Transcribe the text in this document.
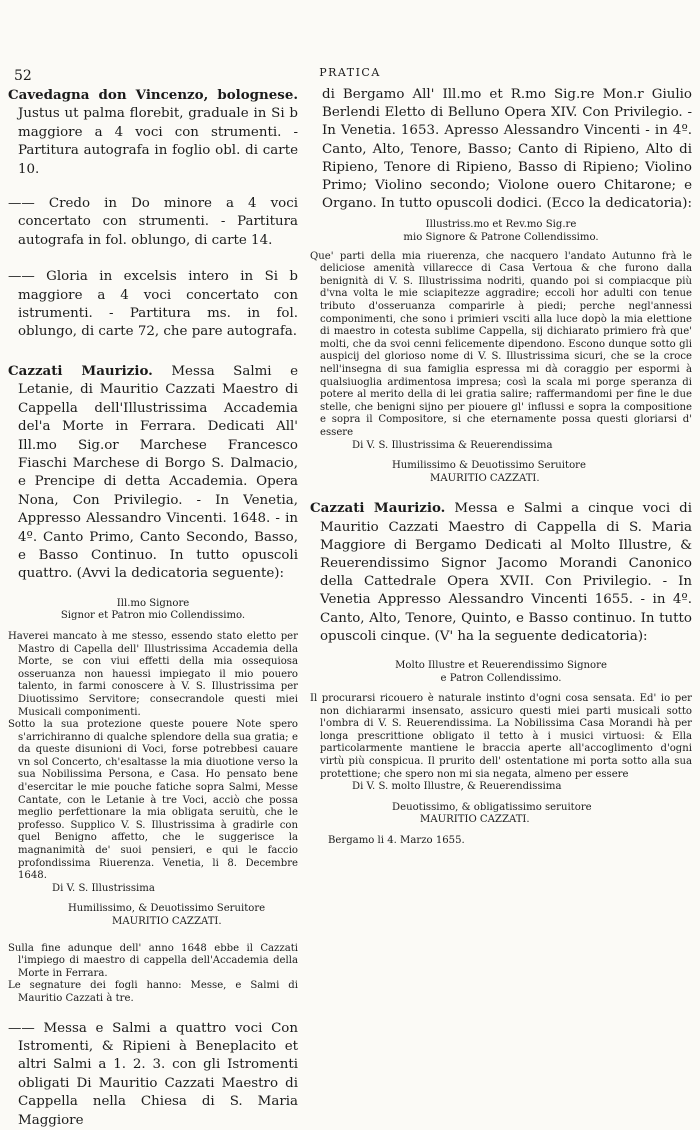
52	PRATICA

Cavedagna don Vincenzo, bolognese. Justus ut palma florebit, graduale in Si b maggiore a 4 voci con strumenti. - Partitura autografa in foglio obl. di carte 10.

—— Credo in Do minore a 4 voci concertato con strumenti. - Partitura autografa in fol. oblungo, di carte 14.

—— Gloria in excelsis intero in Si b maggiore a 4 voci concertato con istrumenti. - Partitura ms. in fol. oblungo, di carte 72, che pare autografa.

Cazzati Maurizio. Messa Salmi e Letanie, di Mauritio Cazzati Maestro di Cappella dell'Illustrissima Accademia del'a Morte in Ferrara. Dedicati All' Ill.mo Sig.or Marchese Francesco Fiaschi Marchese di Borgo S. Dalmacio, e Prencipe di detta Accademia. Opera Nona, Con Privilegio. - In Venetia, Appresso Alessandro Vincenti. 1648. - in 4º. Canto Primo, Canto Secondo, Basso, e Basso Continuo. In tutto opuscoli quattro. (Avvi la dedicatoria seguente):

Ill.mo Signore

Signor et Patron mio Collendissimo.

Haverei mancato à me stesso, essendo stato eletto per Mastro di Capella dell' Illustrissima Accademia della Morte, se con viui effetti della mia ossequiosa osseruanza non hauessi impiegato il mio pouero talento, in farmi conoscere à V. S. Illustrissima per Diuotissimo Servitore; consecrandole questi miei Musicali componimenti.

Sotto la sua protezione queste pouere Note spero s'arrichiranno di qualche splendore della sua gratia; e da queste disunioni di Voci, forse potrebbesi cauare vn sol Concerto, ch'esaltasse la mia diuotione verso la sua Nobilissima Persona, e Casa. Ho pensato bene d'esercitar le mie pouche fatiche sopra Salmi, Messe Cantate, con le Letanie à tre Voci, acciò che possa meglio perfettionare la mia obligata seruitù, che le professo. Supplico V. S. Illustrissima à gradirle con quel Benigno affetto, che le suggerisce la magnanimità de' suoi pensieri, e qui le faccio profondissima Riuerenza. Venetia, li 8. Decembre 1648.

Di V. S. Illustrissima

Humilissimo, & Deuotissimo Seruitore

MAURITIO CAZZATI.

Sulla fine adunque dell' anno 1648 ebbe il Cazzati l'impiego di maestro di cappella dell'Accademia della Morte in Ferrara.

Le segnature dei fogli hanno: Messe, e Salmi di Mauritio Cazzati à tre.

—— Messa e Salmi a quattro voci Con Istromenti, & Ripieni à Beneplacito et altri Salmi a 1. 2. 3. con gli Istromenti obligati Di Mauritio Cazzati Maestro di Cappella nella Chiesa di S. Maria Maggiore

di Bergamo All' Ill.mo et R.mo Sig.re Mon.r Giulio Berlendi Eletto di Belluno Opera XIV. Con Privilegio. - In Venetia. 1653. Apresso Alessandro Vincenti - in 4º. Canto, Alto, Tenore, Basso; Canto di Ripieno, Alto di Ripieno, Tenore di Ripieno, Basso di Ripieno; Violino Primo; Violino secondo; Violone ouero Chitarone; e Organo. In tutto opuscoli dodici. (Ecco la dedicatoria):

Illustriss.mo et Rev.mo Sig.re

mio Signore & Patrone Collendissimo.

Que' parti della mia riuerenza, che nacquero l'andato Autunno frà le deliciose amenità villarecce di Casa Vertoua & che furono dalla benignità di V. S. Illustrissima nodriti, quando poi si compiacque più d'vna volta le mie sciapitezze aggradire; eccoli hor adulti con tenue tributo d'osseruanza comparirle à piedi; perche negl'annessi componimenti, che sono i primieri vsciti alla luce dopò la mia elettione di maestro in cotesta sublime Cappella, sij dichiarato primiero frà que' molti, che da svoi cenni felicemente dipendono. Escono dunque sotto gli auspicij del glorioso nome di V. S. Illustrissima sicuri, che se la croce nell'insegna di sua famiglia espressa mi dà coraggio per espormi à qualsiuoglia ardimentosa impresa; così la scala mi porge speranza di potere al merito della di lei gratia salire; raffermandomi per fine le due stelle, che benigni sijno per piouere gl' influssi e sopra la compositione e sopra il Compositore, si che eternamente possa questi gloriarsi d' essere

Di V. S. Illustrissima & Reuerendissima

Humilissimo & Deuotissimo Seruitore

MAURITIO CAZZATI.

Cazzati Maurizio. Messa e Salmi a cinque voci di Mauritio Cazzati Maestro di Cappella di S. Maria Maggiore di Bergamo Dedicati al Molto Illustre, & Reuerendissimo Signor Jacomo Morandi Canonico della Cattedrale Opera XVII. Con Privilegio. - In Venetia Appresso Alessandro Vincenti 1655. - in 4º. Canto, Alto, Tenore, Quinto, e Basso continuo. In tutto opuscoli cinque. (V' ha la seguente dedicatoria):

Molto Illustre et Reuerendissimo Signore

e Patron Collendissimo.

Il procurarsi ricouero è naturale instinto d'ogni cosa sensata. Ed' io per non dichiararmi insensato, assicuro questi miei parti musicali sotto l'ombra di V. S. Reuerendissima. La Nobilissima Casa Morandi hà per longa prescrittione obligato il tetto à i musici virtuosi: & Ella particolarmente mantiene le braccia aperte all'accoglimento d'ogni virtù più conspicua. Il prurito dell' ostentatione mi porta sotto alla sua protettione; che spero non mi sia negata, almeno per essere

Di V. S. molto Illustre, & Reuerendissima

Deuotissimo, & obligatissimo seruitore

MAURITIO CAZZATI.

Bergamo li 4. Marzo 1655.
